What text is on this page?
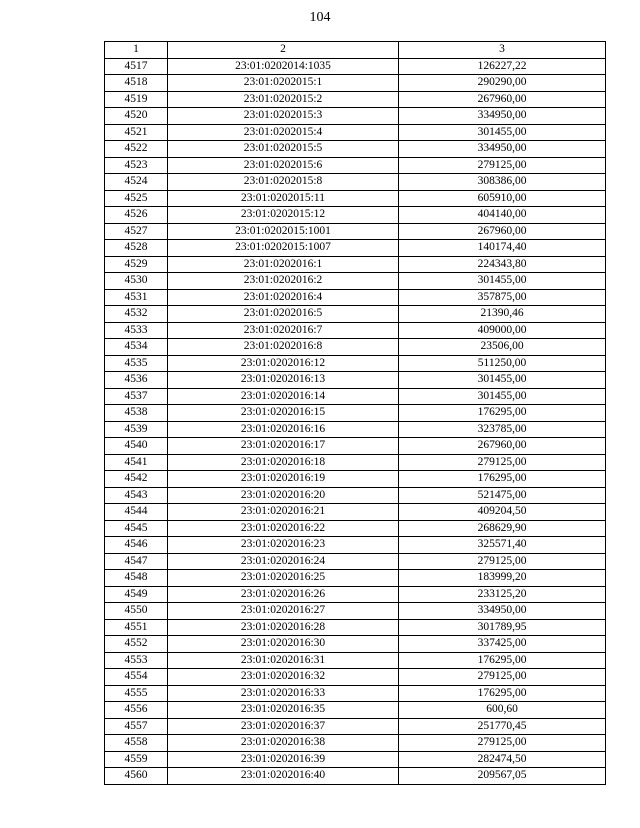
104
1	2	3
4517	23:01:0202014:1035	126227,22
4518	23:01:0202015:1	290290,00
4519	23:01:0202015:2	267960,00
4520	23:01:0202015:3	334950,00
4521	23:01:0202015:4	301455,00
4522	23:01:0202015:5	334950,00
4523	23:01:0202015:6	279125,00
4524	23:01:0202015:8	308386,00
4525	23:01:0202015:11	605910,00
4526	23:01:0202015:12	404140,00
4527	23:01:0202015:1001	267960,00
4528	23:01:0202015:1007	140174,40
4529	23:01:0202016:1	224343,80
4530	23:01:0202016:2	301455,00
4531	23:01:0202016:4	357875,00
4532	23:01:0202016:5	21390,46
4533	23:01:0202016:7	409000,00
4534	23:01:0202016:8	23506,00
4535	23:01:0202016:12	511250,00
4536	23:01:0202016:13	301455,00
4537	23:01:0202016:14	301455,00
4538	23:01:0202016:15	176295,00
4539	23:01:0202016:16	323785,00
4540	23:01:0202016:17	267960,00
4541	23:01:0202016:18	279125,00
4542	23:01:0202016:19	176295,00
4543	23:01:0202016:20	521475,00
4544	23:01:0202016:21	409204,50
4545	23:01:0202016:22	268629,90
4546	23:01:0202016:23	325571,40
4547	23:01:0202016:24	279125,00
4548	23:01:0202016:25	183999,20
4549	23:01:0202016:26	233125,20
4550	23:01:0202016:27	334950,00
4551	23:01:0202016:28	301789,95
4552	23:01:0202016:30	337425,00
4553	23:01:0202016:31	176295,00
4554	23:01:0202016:32	279125,00
4555	23:01:0202016:33	176295,00
4556	23:01:0202016:35	600,60
4557	23:01:0202016:37	251770,45
4558	23:01:0202016:38	279125,00
4559	23:01:0202016:39	282474,50
4560	23:01:0202016:40	209567,05
